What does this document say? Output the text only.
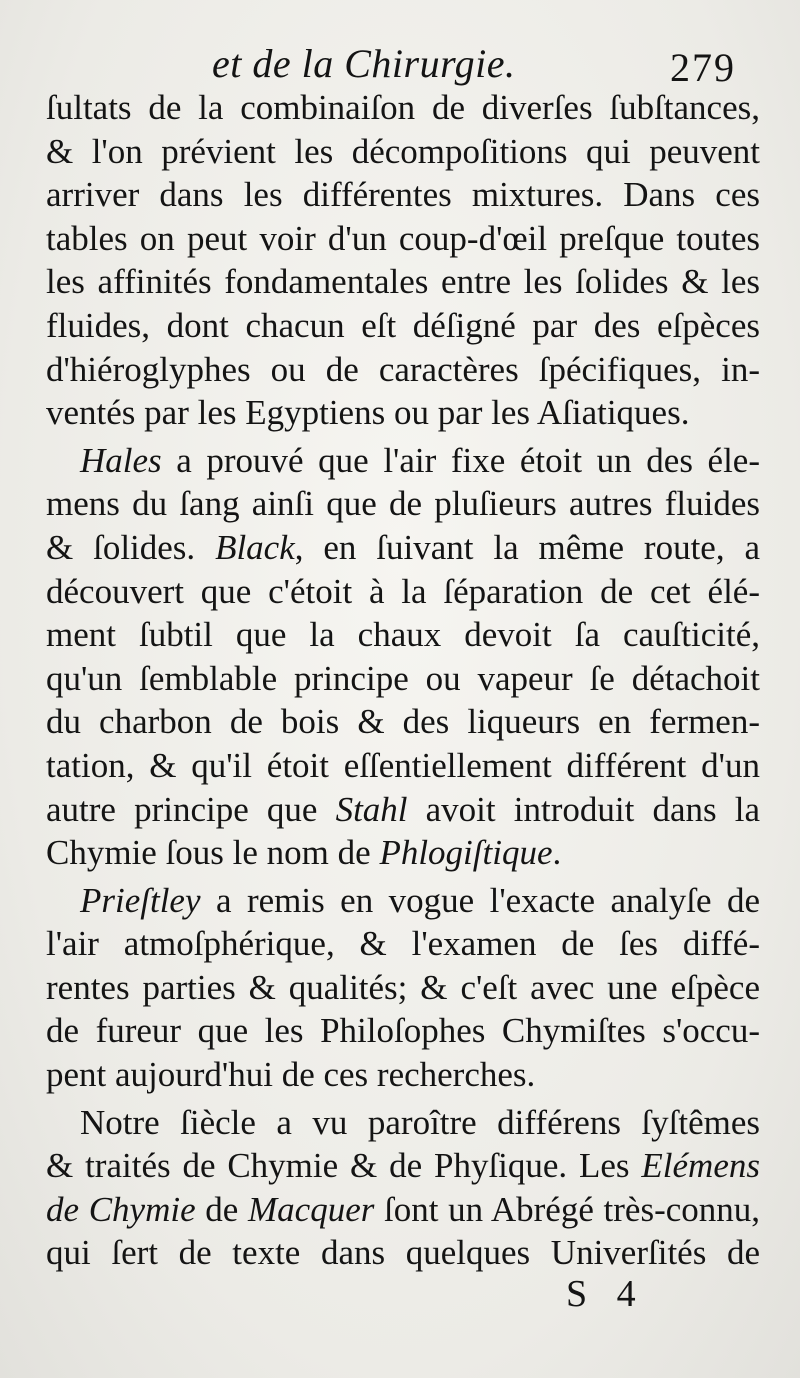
et de la Chirurgie.	279
ſultats de la combinaiſon de diverſes ſubſtances,
& l'on prévient les décompoſitions qui peuvent
arriver dans les différentes mixtures. Dans ces
tables on peut voir d'un coup-d'œil preſque toutes
les affinités fondamentales entre les ſolides & les
fluides, dont chacun eſt déſigné par des eſpèces
d'hiéroglyphes ou de caractères ſpécifiques, in-
ventés par les Egyptiens ou par les Aſiatiques.
Hales a prouvé que l'air fixe étoit un des éle-
mens du ſang ainſi que de pluſieurs autres fluides
& ſolides. Black, en ſuivant la même route, a
découvert que c'étoit à la ſéparation de cet élé-
ment ſubtil que la chaux devoit ſa cauſticité,
qu'un ſemblable principe ou vapeur ſe détachoit
du charbon de bois & des liqueurs en fermen-
tation, & qu'il étoit eſſentiellement différent d'un
autre principe que Stahl avoit introduit dans la
Chymie ſous le nom de Phlogiſtique.
Prieſtley a remis en vogue l'exacte analyſe de
l'air atmoſphérique, & l'examen de ſes diffé-
rentes parties & qualités; & c'eſt avec une eſpèce
de fureur que les Philoſophes Chymiſtes s'occu-
pent aujourd'hui de ces recherches.
Notre ſiècle a vu paroître différens ſyſtêmes
& traités de Chymie & de Phyſique. Les Elémens
de Chymie de Macquer ſont un Abrégé très-connu,
qui ſert de texte dans quelques Univerſités de
S 4
